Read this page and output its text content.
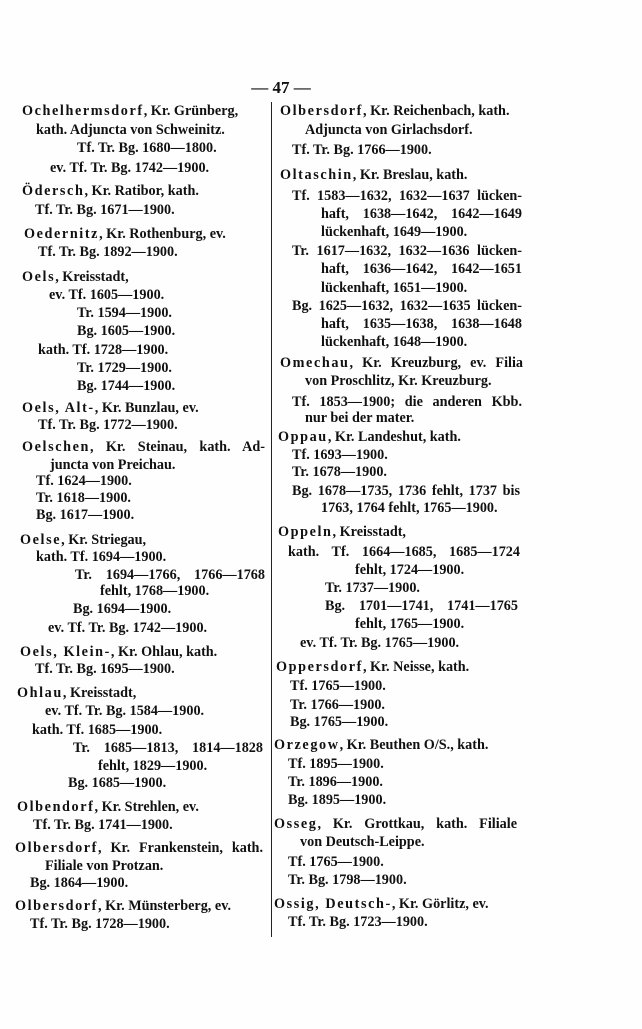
— 47 —
Ochelhermsdorf, Kr. Grünberg,
kath. Adjuncta von Schweinitz.
Tf. Tr. Bg. 1680—1800.
ev. Tf. Tr. Bg. 1742—1900.
Ödersch, Kr. Ratibor, kath.
Tf. Tr. Bg. 1671—1900.
Oedernitz, Kr. Rothenburg, ev.
Tf. Tr. Bg. 1892—1900.
Oels, Kreisstadt,
ev. Tf. 1605—1900.
Tr. 1594—1900.
Bg. 1605—1900.
kath. Tf. 1728—1900.
Tr. 1729—1900.
Bg. 1744—1900.
Oels, Alt-, Kr. Bunzlau, ev.
Tf. Tr. Bg. 1772—1900.
Oelschen, Kr. Steinau, kath. Ad-
juncta von Preichau.
Tf. 1624—1900.
Tr. 1618—1900.
Bg. 1617—1900.
Oelse, Kr. Striegau,
kath. Tf. 1694—1900.
Tr. 1694—1766, 1766—1768
fehlt, 1768—1900.
Bg. 1694—1900.
ev. Tf. Tr. Bg. 1742—1900.
Oels, Klein-, Kr. Ohlau, kath.
Tf. Tr. Bg. 1695—1900.
Ohlau, Kreisstadt,
ev. Tf. Tr. Bg. 1584—1900.
kath. Tf. 1685—1900.
Tr. 1685—1813, 1814—1828
fehlt, 1829—1900.
Bg. 1685—1900.
Olbendorf, Kr. Strehlen, ev.
Tf. Tr. Bg. 1741—1900.
Olbersdorf, Kr. Frankenstein, kath.
Filiale von Protzan.
Bg. 1864—1900.
Olbersdorf, Kr. Münsterberg, ev.
Tf. Tr. Bg. 1728—1900.
Olbersdorf, Kr. Reichenbach, kath.
Adjuncta von Girlachsdorf.
Tf. Tr. Bg. 1766—1900.
Oltaschin, Kr. Breslau, kath.
Tf. 1583—1632, 1632—1637 lücken-
haft, 1638—1642, 1642—1649
lückenhaft, 1649—1900.
Tr. 1617—1632, 1632—1636 lücken-
haft, 1636—1642, 1642—1651
lückenhaft, 1651—1900.
Bg. 1625—1632, 1632—1635 lücken-
haft, 1635—1638, 1638—1648
lückenhaft, 1648—1900.
Omechau, Kr. Kreuzburg, ev. Filia
von Proschlitz, Kr. Kreuzburg.
Tf. 1853—1900; die anderen Kbb.
nur bei der mater.
Oppau, Kr. Landeshut, kath.
Tf. 1693—1900.
Tr. 1678—1900.
Bg. 1678—1735, 1736 fehlt, 1737 bis
1763, 1764 fehlt, 1765—1900.
Oppeln, Kreisstadt,
kath. Tf. 1664—1685, 1685—1724
fehlt, 1724—1900.
Tr. 1737—1900.
Bg. 1701—1741, 1741—1765
fehlt, 1765—1900.
ev. Tf. Tr. Bg. 1765—1900.
Oppersdorf, Kr. Neisse, kath.
Tf. 1765—1900.
Tr. 1766—1900.
Bg. 1765—1900.
Orzegow, Kr. Beuthen O/S., kath.
Tf. 1895—1900.
Tr. 1896—1900.
Bg. 1895—1900.
Osseg, Kr. Grottkau, kath. Filiale
von Deutsch-Leippe.
Tf. 1765—1900.
Tr. Bg. 1798—1900.
Ossig, Deutsch-, Kr. Görlitz, ev.
Tf. Tr. Bg. 1723—1900.
